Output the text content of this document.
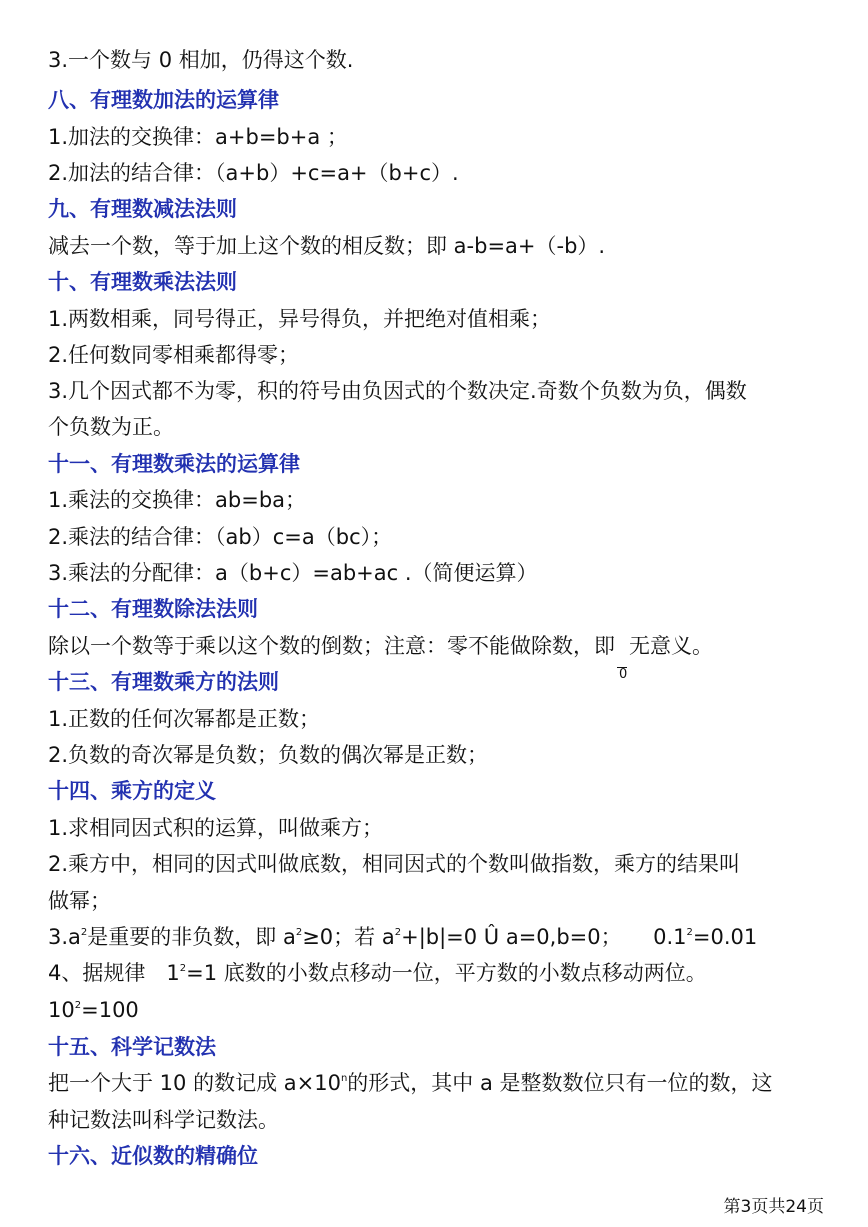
3.一个数与 0 相加，仍得这个数.
八、有理数加法的运算律
1.加法的交换律：a+b=b+a ；
2.加法的结合律：（a+b）+c=a+（b+c）.
九、有理数减法法则
减去一个数，等于加上这个数的相反数；即 a-b=a+（-b）.
十、有理数乘法法则
1.两数相乘，同号得正，异号得负，并把绝对值相乘；
2.任何数同零相乘都得零；
3.几个因式都不为零，积的符号由负因式的个数决定.奇数个负数为负，偶数
个负数为正。
十一、有理数乘法的运算律
1.乘法的交换律：ab=ba；
2.乘法的结合律：（ab）c=a（bc）；
3.乘法的分配律：a（b+c）=ab+ac .（简便运算）
十二、有理数除法法则
除以一个数等于乘以这个数的倒数；注意：零不能做除数，即
0
无意义。
十三、有理数乘方的法则
1.正数的任何次幂都是正数；
2.负数的奇次幂是负数；负数的偶次幂是正数；
十四、乘方的定义
1.求相同因式积的运算，叫做乘方；
2.乘方中，相同的因式叫做底数，相同因式的个数叫做指数，乘方的结果叫
做幂；
$3.a^2$是重要的非负数，即 $a^2\ge 0$；若 $a^2+|b|=0$ Û a=0,b=0；　　$0.1^2=0.01$
4、据规律　$1^2=1$ 底数的小数点移动一位，平方数的小数点移动两位。
$10^2=100$
十五、科学记数法
把一个大于 10 的数记成 $a\times 10^n$的形式，其中 a 是整数数位只有一位的数，这
种记数法叫科学记数法。
十六、近似数的精确位
第3页共24页
